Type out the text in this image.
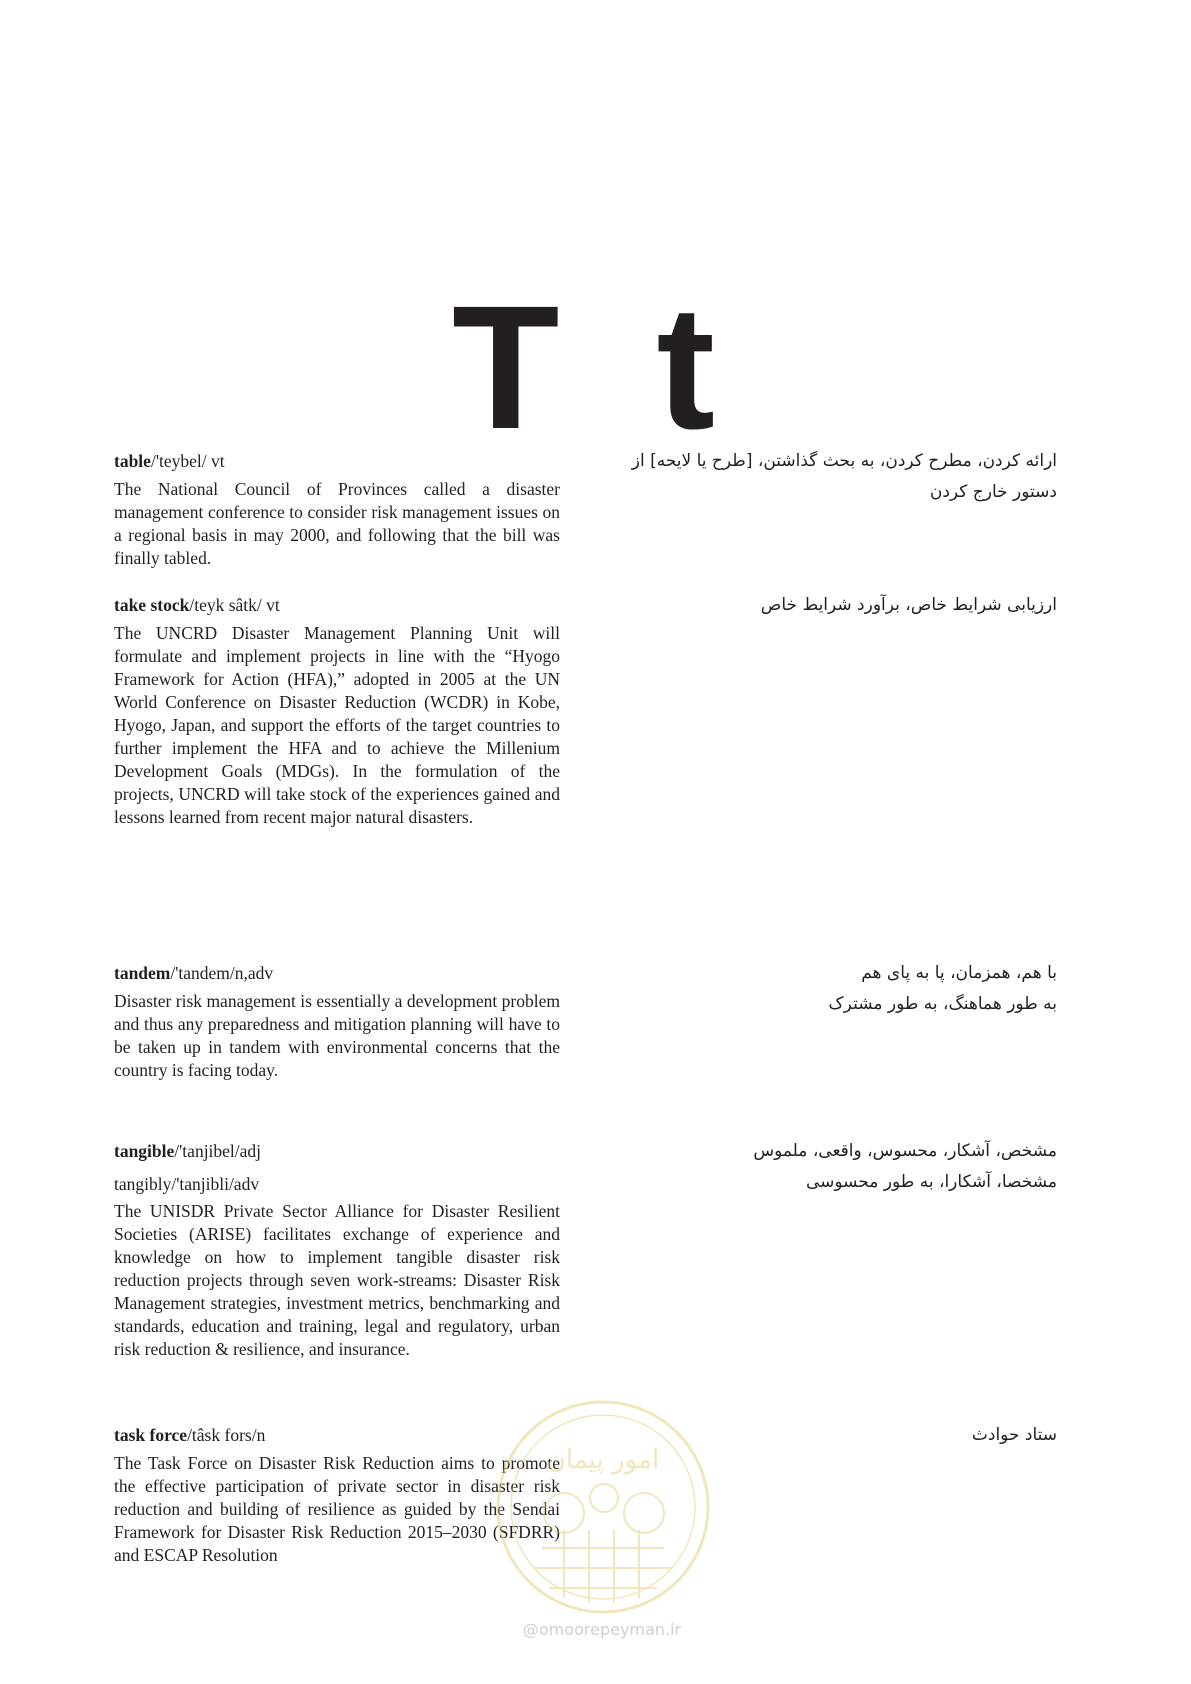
T t
table/'teybel/ vt

The National Council of Provinces called a disaster management conference to consider risk management issues on a regional basis in may 2000, and following that the bill was finally tabled.

ارائه کردن، مطرح کردن، به بحث گذاشتن، [طرح یا لایحه] از
دستور خارج کردن
take stock/teyk sâtk/ vt

The UNCRD Disaster Management Planning Unit will formulate and implement projects in line with the “Hyogo Framework for Action (HFA),” adopted in 2005 at the UN World Conference on Disaster Reduction (WCDR) in Kobe, Hyogo, Japan, and support the efforts of the target countries to further implement the HFA and to achieve the Millenium Development Goals (MDGs). In the formulation of the projects, UNCRD will take stock of the experiences gained and lessons learned from recent major natural disasters.

ارزیابی شرایط خاص، برآورد شرایط خاص
tandem/'tandem/n,adv

Disaster risk management is essentially a development problem and thus any preparedness and mitigation planning will have to be taken up in tandem with environmental concerns that the country is facing today.

با هم، همزمان، پا به پای هم
به طور هماهنگ، به طور مشترک
tangible/'tanjibel/adj
tangibly/'tanjibli/adv

The UNISDR Private Sector Alliance for Disaster Resilient Societies (ARISE) facilitates exchange of experience and knowledge on how to implement tangible disaster risk reduction projects through seven work-streams: Disaster Risk Management strategies, investment metrics, benchmarking and standards, education and training, legal and regulatory, urban risk reduction & resilience, and insurance.

مشخص، آشکار، محسوس، واقعی، ملموس
مشخصا، آشکارا، به طور محسوسی
task force/tâsk fors/n

The Task Force on Disaster Risk Reduction aims to promote the effective participation of private sector in disaster risk reduction and building of resilience as guided by the Sendai Framework for Disaster Risk Reduction 2015–2030 (SFDRR) and ESCAP Resolution

ستاد حوادث
امور پیمان
@omoorepeyman.ir
